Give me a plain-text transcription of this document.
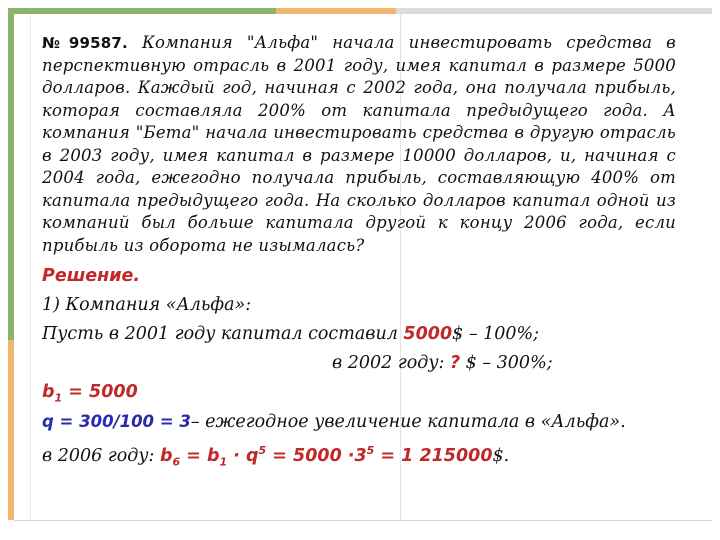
№99587. Компания "Альфа" начала инвестировать средства в перспективную отрасль в 2001 году, имея капитал в размере 5000 долларов. Каждый год, начиная с 2002 года, она получала прибыль, которая составляла 200% от капитала предыдущего года. А компания "Бета" начала инвестировать средства в другую отрасль в 2003 году, имея капитал в размере 10000 долларов, и, начиная с 2004 года, ежегодно получала прибыль, составляющую 400% от капитала предыдущего года. На сколько долларов капитал одной из компаний был больше капитала другой к концу 2006 года, если прибыль из оборота не изымалась?
Решение.
1) Компания «Альфа»:
Пусть в 2001 году капитал составил 5000$ – 100%;
в 2002 году: ? $ – 300%;
$b_1 = 5000$
q = 300/100 = 3– ежегодное увеличение капитала в «Альфа».
в 2006 году: $b_6 = b_1 \cdot q^5 = 5000 \cdot 3^5 = 1$ 215000$.
